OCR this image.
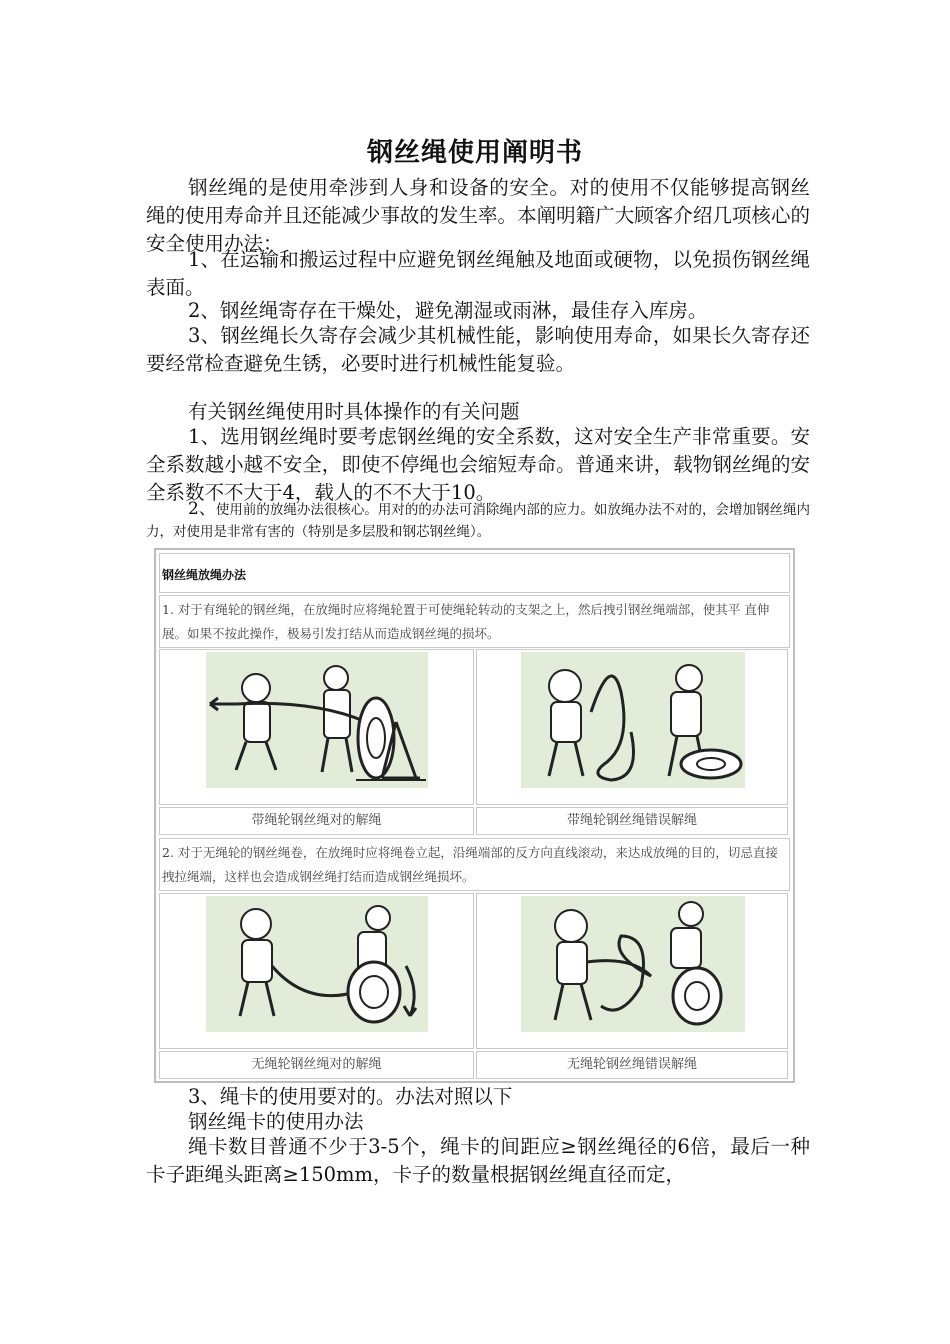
钢丝绳使用阐明书
钢丝绳的是使用牵涉到人身和设备的安全。对的使用不仅能够提高钢丝绳的使用寿命并且还能减少事故的发生率。本阐明籍广大顾客介绍几项核心的安全使用办法：
1、在运输和搬运过程中应避免钢丝绳触及地面或硬物，以免损伤钢丝绳表面。
2、钢丝绳寄存在干燥处，避免潮湿或雨淋，最佳存入库房。
3、钢丝绳长久寄存会减少其机械性能，影响使用寿命，如果长久寄存还要经常检查避免生锈，必要时进行机械性能复验。
有关钢丝绳使用时具体操作的有关问题
1、选用钢丝绳时要考虑钢丝绳的安全系数，这对安全生产非常重要。安全系数越小越不安全，即使不停绳也会缩短寿命。普通来讲，载物钢丝绳的安全系数不不大于4，载人的不不大于10。
2、使用前的放绳办法很核心。用对的的办法可消除绳内部的应力。如放绳办法不对的，会增加钢丝绳内力，对使用是非常有害的（特别是多层股和钢芯钢丝绳）。
钢丝绳放绳办法
1. 对于有绳轮的钢丝绳，在放绳时应将绳轮置于可使绳轮转动的支架之上，然后拽引钢丝绳端部，使其平 直伸展。如果不按此操作，极易引发打结从而造成钢丝绳的损坏。
带绳轮钢丝绳对的解绳	带绳轮钢丝绳错误解绳
2. 对于无绳轮的钢丝绳卷，在放绳时应将绳卷立起，沿绳端部的反方向直线滚动，来达成放绳的目的，切忌直接拽拉绳端，这样也会造成钢丝绳打结而造成钢丝绳损坏。
无绳轮钢丝绳对的解绳	无绳轮钢丝绳错误解绳
3、绳卡的使用要对的。办法对照以下
钢丝绳卡的使用办法
绳卡数目普通不少于3-5个，绳卡的间距应≥钢丝绳径的6倍，最后一种卡子距绳头距离≥150mm，卡子的数量根据钢丝绳直径而定，
